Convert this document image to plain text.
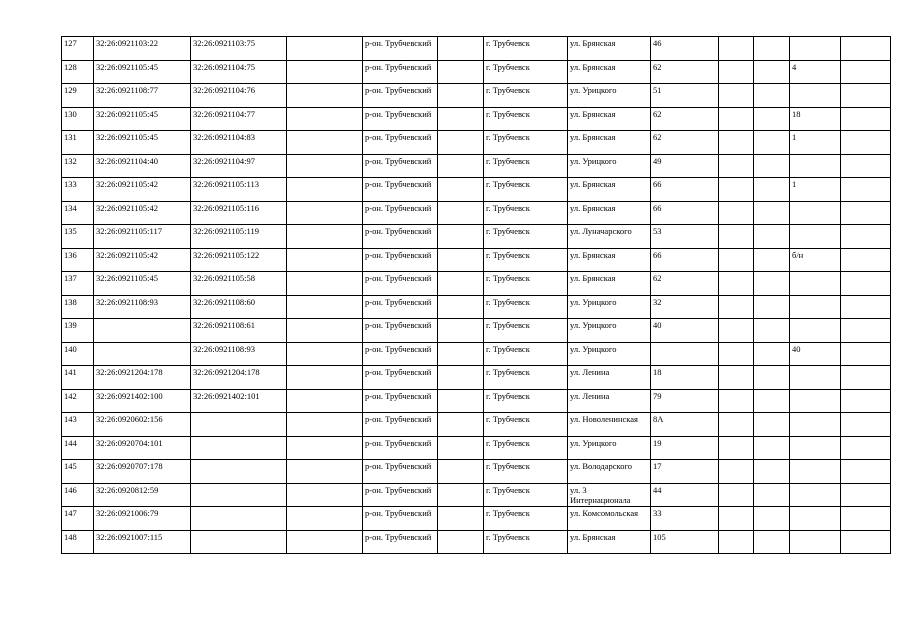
127	32:26:0921103:22	32:26:0921103:75		р-он. Трубчевский		г. Трубчевск	ул. Брянская	46				
128	32:26:0921105:45	32:26:0921104:75		р-он. Трубчевский		г. Трубчевск	ул. Брянская	62			4	
129	32:26:0921108:77	32:26:0921104:76		р-он. Трубчевский		г. Трубчевск	ул. Урицкого	51				
130	32:26:0921105:45	32:26:0921104:77		р-он. Трубчевский		г. Трубчевск	ул. Брянская	62			18	
131	32:26:0921105:45	32:26:0921104:83		р-он. Трубчевский		г. Трубчевск	ул. Брянская	62			1	
132	32:26:0921104:40	32:26:0921104:97		р-он. Трубчевский		г. Трубчевск	ул. Урицкого	49				
133	32:26:0921105:42	32:26:0921105:113		р-он. Трубчевский		г. Трубчевск	ул. Брянская	66			1	
134	32:26:0921105:42	32:26:0921105:116		р-он. Трубчевский		г. Трубчевск	ул. Брянская	66				
135	32:26:0921105:117	32:26:0921105:119		р-он. Трубчевский		г. Трубчевск	ул. Луначарского	53				
136	32:26:0921105:42	32:26:0921105:122		р-он. Трубчевский		г. Трубчевск	ул. Брянская	66			б/н	
137	32:26:0921105:45	32:26:0921105:58		р-он. Трубчевский		г. Трубчевск	ул. Брянская	62				
138	32:26:0921108:93	32:26:0921108:60		р-он. Трубчевский		г. Трубчевск	ул. Урицкого	32				
139		32:26:0921108:61		р-он. Трубчевский		г. Трубчевск	ул. Урицкого	40				
140		32:26:0921108:93		р-он. Трубчевский		г. Трубчевск	ул. Урицкого				40	
141	32:26:0921204:178	32:26:0921204:178		р-он. Трубчевский		г. Трубчевск	ул. Ленина	18				
142	32:26:0921402:100	32:26:0921402:101		р-он. Трубчевский		г. Трубчевск	ул. Ленина	79				
143	32:26:0920602:156			р-он. Трубчевский		г. Трубчевск	ул. Новоленинская	8А				
144	32:26:0920704:101			р-он. Трубчевский		г. Трубчевск	ул. Урицкого	19				
145	32:26:0920707:178			р-он. Трубчевский		г. Трубчевск	ул. Володарского	17				
146	32:26:0920812:59			р-он. Трубчевский		г. Трубчевск	ул. 3 Интернационала	44				
147	32:26:0921006:79			р-он. Трубчевский		г. Трубчевск	ул. Комсомольская	33				
148	32:26:0921007:115			р-он. Трубчевский		г. Трубчевск	ул. Брянская	105				
